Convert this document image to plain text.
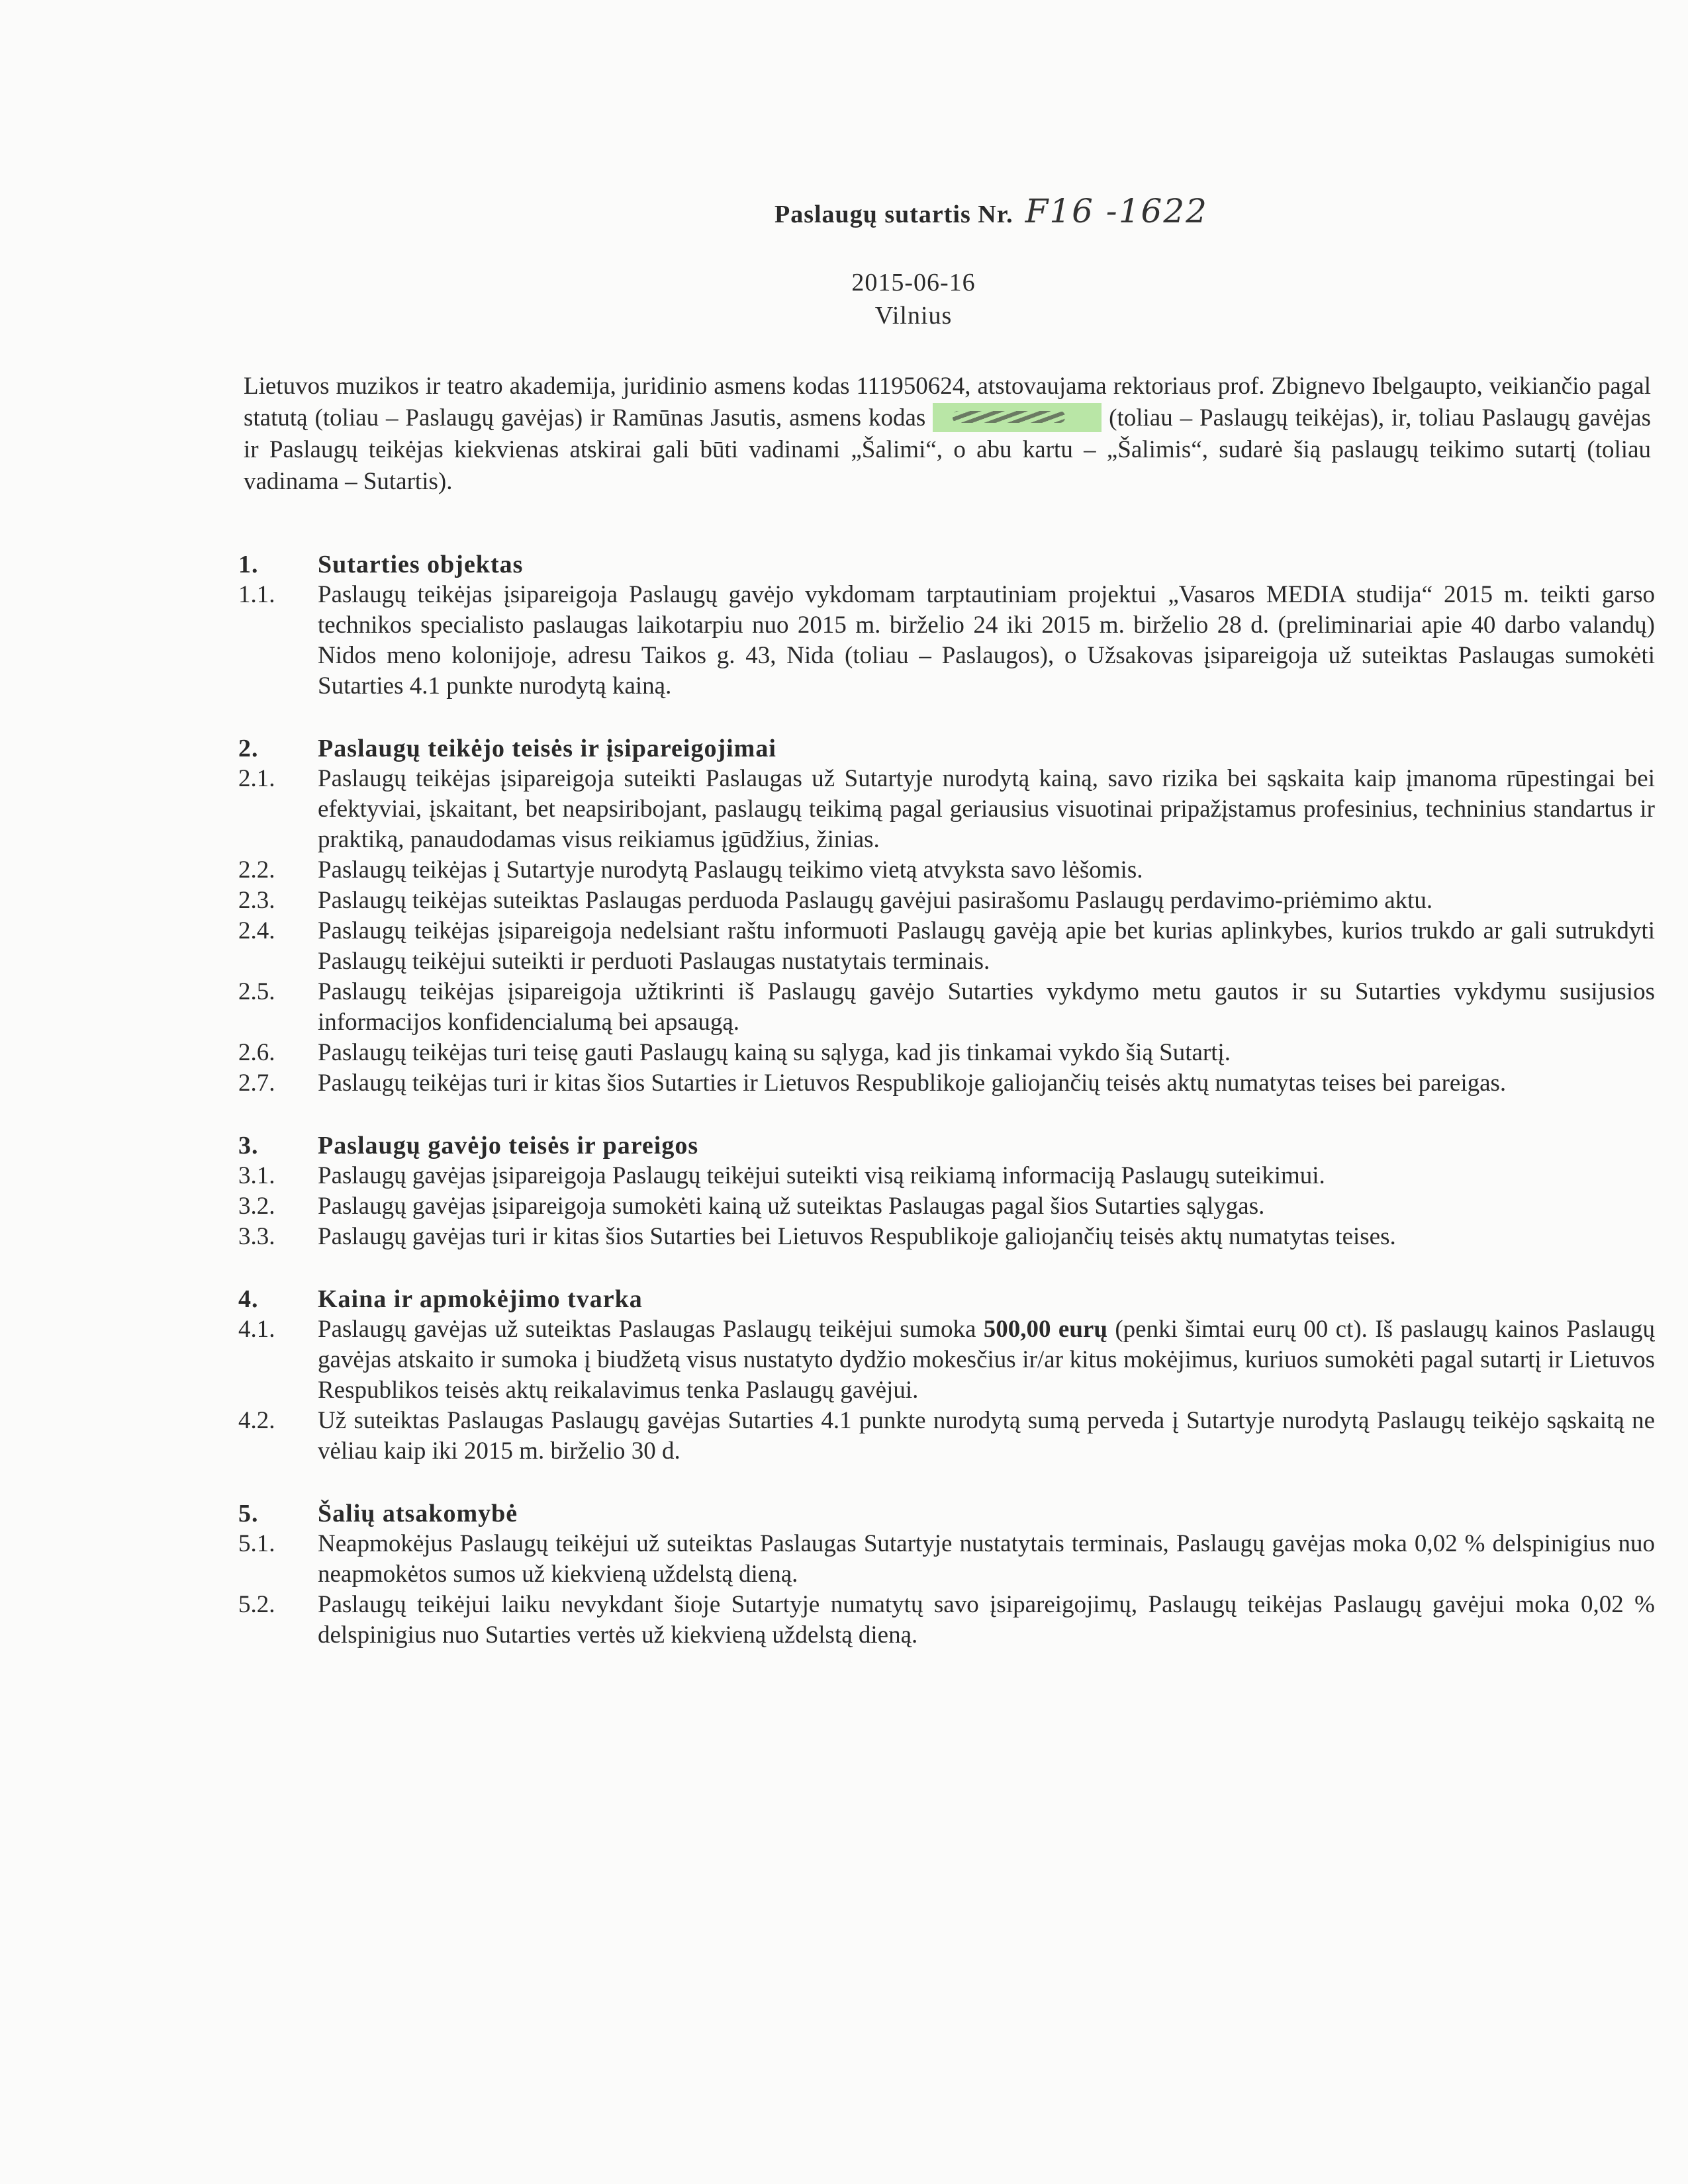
Paslaugų sutartis Nr. F16 -1622
2015-06-16
Vilnius
Lietuvos muzikos ir teatro akademija, juridinio asmens kodas 111950624, atstovaujama rektoriaus prof. Zbignevo Ibelgaupto, veikiančio pagal statutą (toliau – Paslaugų gavėjas) ir Ramūnas Jasutis, asmens kodas	(toliau – Paslaugų teikėjas), ir, toliau Paslaugų gavėjas ir Paslaugų teikėjas kiekvienas atskirai gali būti vadinami „Šalimi“, o abu kartu – „Šalimis“, sudarė šią paslaugų teikimo sutartį (toliau vadinama – Sutartis).
1.	Sutarties objektas
1.1.	Paslaugų teikėjas įsipareigoja Paslaugų gavėjo vykdomam tarptautiniam projektui „Vasaros MEDIA studija“ 2015 m. teikti garso technikos specialisto paslaugas laikotarpiu nuo 2015 m. birželio 24 iki 2015 m. birželio 28 d. (preliminariai apie 40 darbo valandų) Nidos meno kolonijoje, adresu Taikos g. 43, Nida (toliau – Paslaugos), o Užsakovas įsipareigoja už suteiktas Paslaugas sumokėti Sutarties 4.1 punkte nurodytą kainą.
2.	Paslaugų teikėjo teisės ir įsipareigojimai
2.1.	Paslaugų teikėjas įsipareigoja suteikti Paslaugas už Sutartyje nurodytą kainą, savo rizika bei sąskaita kaip įmanoma rūpestingai bei efektyviai, įskaitant, bet neapsiribojant, paslaugų teikimą pagal geriausius visuotinai pripažįstamus profesinius, techninius standartus ir praktiką, panaudodamas visus reikiamus įgūdžius, žinias.
2.2.	Paslaugų teikėjas į Sutartyje nurodytą Paslaugų teikimo vietą atvyksta savo lėšomis.
2.3.	Paslaugų teikėjas suteiktas Paslaugas perduoda Paslaugų gavėjui pasirašomu Paslaugų perdavimo-priėmimo aktu.
2.4.	Paslaugų teikėjas įsipareigoja nedelsiant raštu informuoti Paslaugų gavėją apie bet kurias aplinkybes, kurios trukdo ar gali sutrukdyti Paslaugų teikėjui suteikti ir perduoti Paslaugas nustatytais terminais.
2.5.	Paslaugų teikėjas įsipareigoja užtikrinti iš Paslaugų gavėjo Sutarties vykdymo metu gautos ir su Sutarties vykdymu susijusios informacijos konfidencialumą bei apsaugą.
2.6.	Paslaugų teikėjas turi teisę gauti Paslaugų kainą su sąlyga, kad jis tinkamai vykdo šią Sutartį.
2.7.	Paslaugų teikėjas turi ir kitas šios Sutarties ir Lietuvos Respublikoje galiojančių teisės aktų numatytas teises bei pareigas.
3.	Paslaugų gavėjo teisės ir pareigos
3.1.	Paslaugų gavėjas įsipareigoja Paslaugų teikėjui suteikti visą reikiamą informaciją Paslaugų suteikimui.
3.2.	Paslaugų gavėjas įsipareigoja sumokėti kainą už suteiktas Paslaugas pagal šios Sutarties sąlygas.
3.3.	Paslaugų gavėjas turi ir kitas šios Sutarties bei Lietuvos Respublikoje galiojančių teisės aktų numatytas teises.
4.	Kaina ir apmokėjimo tvarka
4.1.	Paslaugų gavėjas už suteiktas Paslaugas Paslaugų teikėjui sumoka 500,00 eurų (penki šimtai eurų 00 ct). Iš paslaugų kainos Paslaugų gavėjas atskaito ir sumoka į biudžetą visus nustatyto dydžio mokesčius ir/ar kitus mokėjimus, kuriuos sumokėti pagal sutartį ir Lietuvos Respublikos teisės aktų reikalavimus tenka Paslaugų gavėjui.
4.2.	Už suteiktas Paslaugas Paslaugų gavėjas Sutarties 4.1 punkte nurodytą sumą perveda į Sutartyje nurodytą Paslaugų teikėjo sąskaitą ne vėliau kaip iki 2015 m. birželio 30 d.
5.	Šalių atsakomybė
5.1.	Neapmokėjus Paslaugų teikėjui už suteiktas Paslaugas Sutartyje nustatytais terminais, Paslaugų gavėjas moka 0,02 % delspinigius nuo neapmokėtos sumos už kiekvieną uždelstą dieną.
5.2.	Paslaugų teikėjui laiku nevykdant šioje Sutartyje numatytų savo įsipareigojimų, Paslaugų teikėjas Paslaugų gavėjui moka 0,02 % delspinigius nuo Sutarties vertės už kiekvieną uždelstą dieną.
